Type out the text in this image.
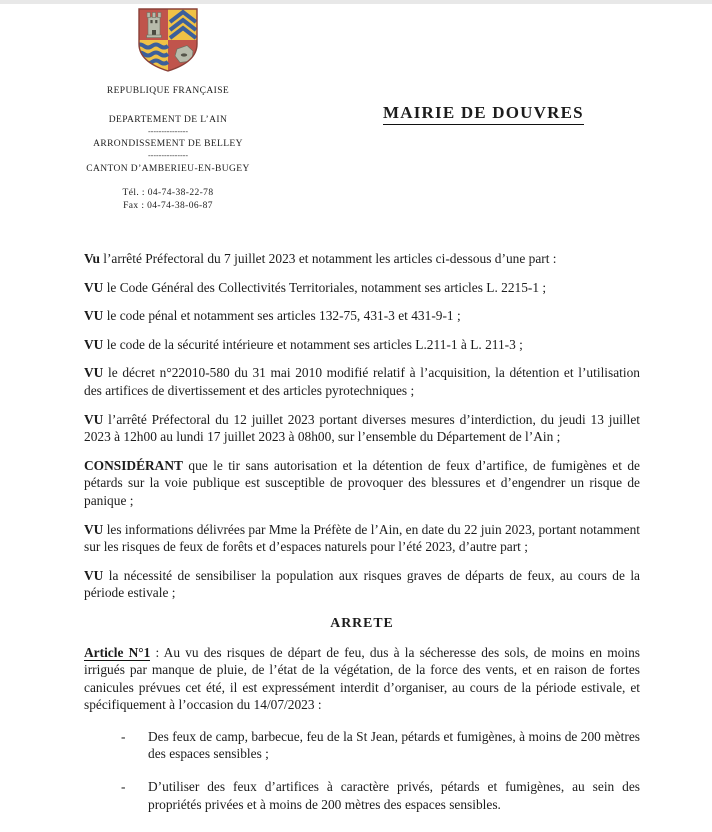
REPUBLIQUE FRANÇAISE
DEPARTEMENT DE L’AIN
---------------
ARRONDISSEMENT DE BELLEY
---------------
CANTON D’AMBERIEU-EN-BUGEY
Tél. : 04-74-38-22-78
Fax : 04-74-38-06-87
MAIRIE DE DOUVRES

Vu l’arrêté Préfectoral du 7 juillet 2023 et notamment les articles ci-dessous d’une part :

VU le Code Général des Collectivités Territoriales, notamment ses articles L. 2215-1 ;

VU le code pénal et notamment ses articles 132-75, 431-3 et 431-9-1 ;

VU le code de la sécurité intérieure et notamment ses articles L.211-1 à L. 211-3 ;

VU le décret n°22010-580 du 31 mai 2010 modifié relatif à l’acquisition, la détention et l’utilisation des artifices de divertissement et des articles pyrotechniques ;

VU l’arrêté Préfectoral du 12 juillet 2023 portant diverses mesures d’interdiction, du jeudi 13 juillet 2023 à 12h00 au lundi 17 juillet 2023 à 08h00, sur l’ensemble du Département de l’Ain ;

CONSIDÉRANT que le tir sans autorisation et la détention de feux d’artifice, de fumigènes et de pétards sur la voie publique est susceptible de provoquer des blessures et d’engendrer un risque de panique ;

VU les informations délivrées par Mme la Préfète de l’Ain, en date du 22 juin 2023, portant notamment sur les risques de feux de forêts et d’espaces naturels pour l’été 2023, d’autre part ;

VU la nécessité de sensibiliser la population aux risques graves de départs de feux, au cours de la période estivale ;

ARRETE

Article N°1 : Au vu des risques de départ de feu, dus à la sécheresse des sols, de moins en moins irrigués par manque de pluie, de l’état de la végétation, de la force des vents, et en raison de fortes canicules prévues cet été, il est expressément interdit d’organiser, au cours de la période estivale, et spécifiquement à l’occasion du 14/07/2023 :

-	Des feux de camp, barbecue, feu de la St Jean, pétards et fumigènes, à moins de 200 mètres des espaces sensibles ;
-	D’utiliser des feux d’artifices à caractère privés, pétards et fumigènes, au sein des propriétés privées et à moins de 200 mètres des espaces sensibles.
